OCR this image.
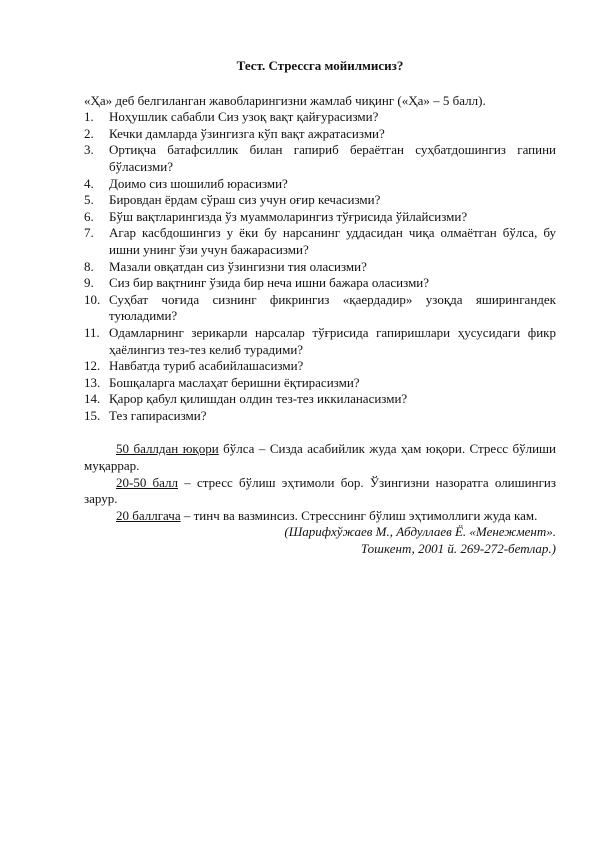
Тест. Стрессга мойилмисиз?
«Ҳа» деб белгиланган жавобларингизни жамлаб чиқинг («Ҳа» – 5 балл).
1. Ноҳушлик сабабли Сиз узоқ вақт қайғурасизми?
2. Кечки дамларда ўзингизга кўп вақт ажратасизми?
3. Ортиқча батафсиллик билан гапириб бераётган суҳбатдошингиз гапини бўласизми?
4. Доимо сиз шошилиб юрасизми?
5. Бировдан ёрдам сўраш сиз учун оғир кечасизми?
6. Бўш вақтларингизда ўз муаммоларингиз тўғрисида ўйлайсизми?
7. Агар касбдошингиз у ёки бу нарсанинг уддасидан чиқа олмаётган бўлса, бу ишни унинг ўзи учун бажарасизми?
8. Мазали овқатдан сиз ўзингизни тия оласизми?
9. Сиз бир вақтнинг ўзида бир неча ишни бажара оласизми?
10. Суҳбат чоғида сизнинг фикрингиз «қаердадир» узоқда яширингандек туюладими?
11. Одамларнинг зерикарли нарсалар тўғрисида гапиришлари ҳусусидаги фикр ҳаёлингиз тез-тез келиб турадими?
12. Навбатда туриб асабийлашасизми?
13. Бошқаларга маслаҳат беришни ёқтирасизми?
14. Қарор қабул қилишдан олдин тез-тез иккиланасизми?
15. Тез гапирасизми?

50 баллдан юқори бўлса – Сизда асабийлик жуда ҳам юқори. Стресс бўлиши муқаррар.

20-50 балл – стресс бўлиш эҳтимоли бор. Ўзингизни назоратга олишингиз зарур.

20 баллгача – тинч ва вазминсиз. Стресснинг бўлиш эҳтимоллиги жуда кам.

(Шарифхўжаев М., Абдуллаев Ё. «Менежмент».
Тошкент, 2001 й. 269-272-бетлар.)
